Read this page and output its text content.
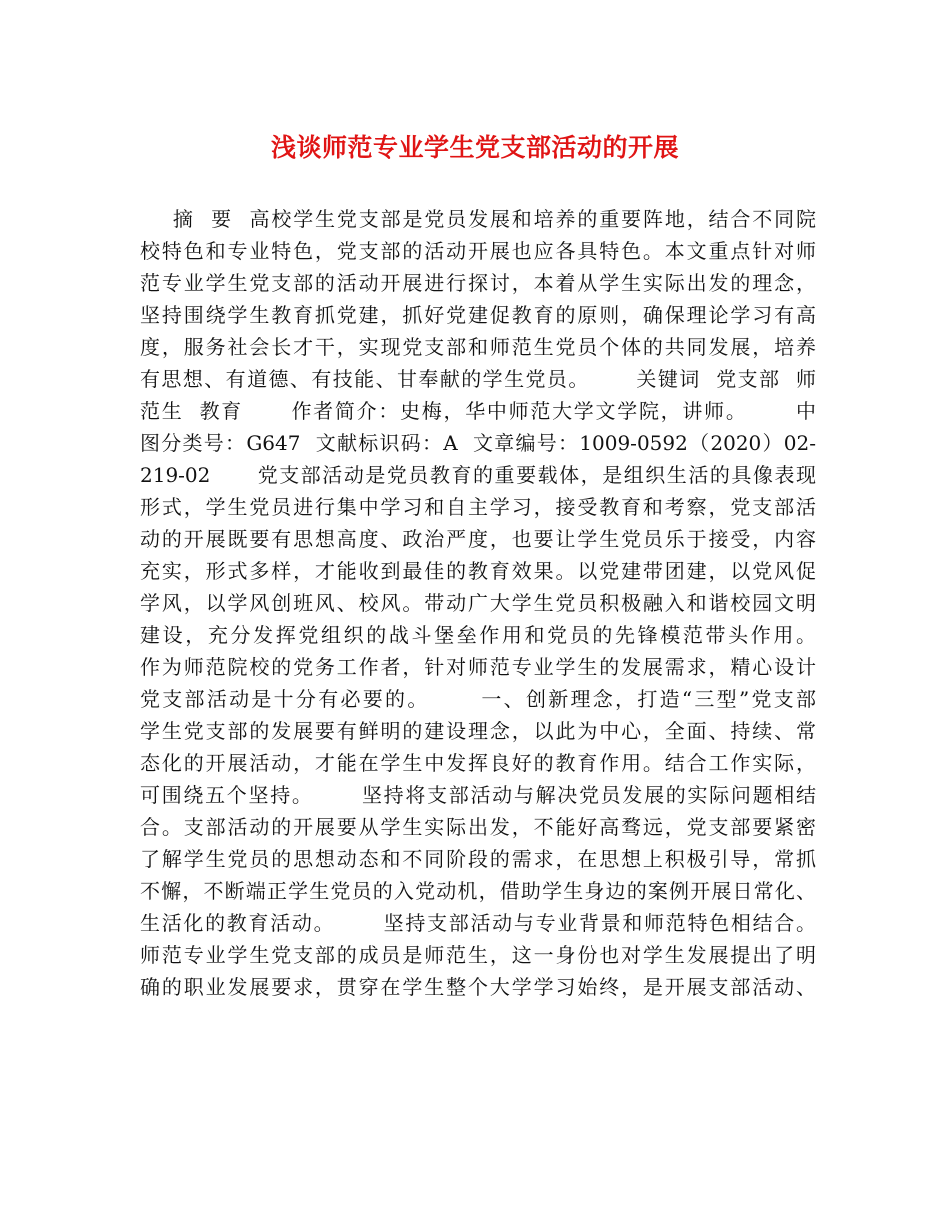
浅谈师范专业学生党支部活动的开展
摘  要  高校学生党支部是党员发展和培养的重要阵地，结合不同院
校特色和专业特色，党支部的活动开展也应各具特色。本文重点针对师
范专业学生党支部的活动开展进行探讨，本着从学生实际出发的理念，
坚持围绕学生教育抓党建，抓好党建促教育的原则，确保理论学习有高
度，服务社会长才干，实现党支部和师范生党员个体的共同发展，培养
有思想、有道德、有技能、甘奉献的学生党员。      关键词  党支部  师
范生  教育      作者简介：史梅，华中师范大学文学院，讲师。      中
图分类号：G647  文献标识码：A  文章编号：1009-0592（2020）02-
219-02      党支部活动是党员教育的重要载体，是组织生活的具像表现
形式，学生党员进行集中学习和自主学习，接受教育和考察，党支部活
动的开展既要有思想高度、政治严度，也要让学生党员乐于接受，内容
充实，形式多样，才能收到最佳的教育效果。以党建带团建，以党风促
学风，以学风创班风、校风。带动广大学生党员积极融入和谐校园文明
建设，充分发挥党组织的战斗堡垒作用和党员的先锋模范带头作用。
作为师范院校的党务工作者，针对师范专业学生的发展需求，精心设计
党支部活动是十分有必要的。      一、创新理念，打造“三型”党支部
学生党支部的发展要有鲜明的建设理念，以此为中心，全面、持续、常
态化的开展活动，才能在学生中发挥良好的教育作用。结合工作实际，
可围绕五个坚持。      坚持将支部活动与解决党员发展的实际问题相结
合。支部活动的开展要从学生实际出发，不能好高骛远，党支部要紧密
了解学生党员的思想动态和不同阶段的需求，在思想上积极引导，常抓
不懈，不断端正学生党员的入党动机，借助学生身边的案例开展日常化、
生活化的教育活动。      坚持支部活动与专业背景和师范特色相结合。
师范专业学生党支部的成员是师范生，这一身份也对学生发展提出了明
确的职业发展要求，贯穿在学生整个大学学习始终，是开展支部活动、
